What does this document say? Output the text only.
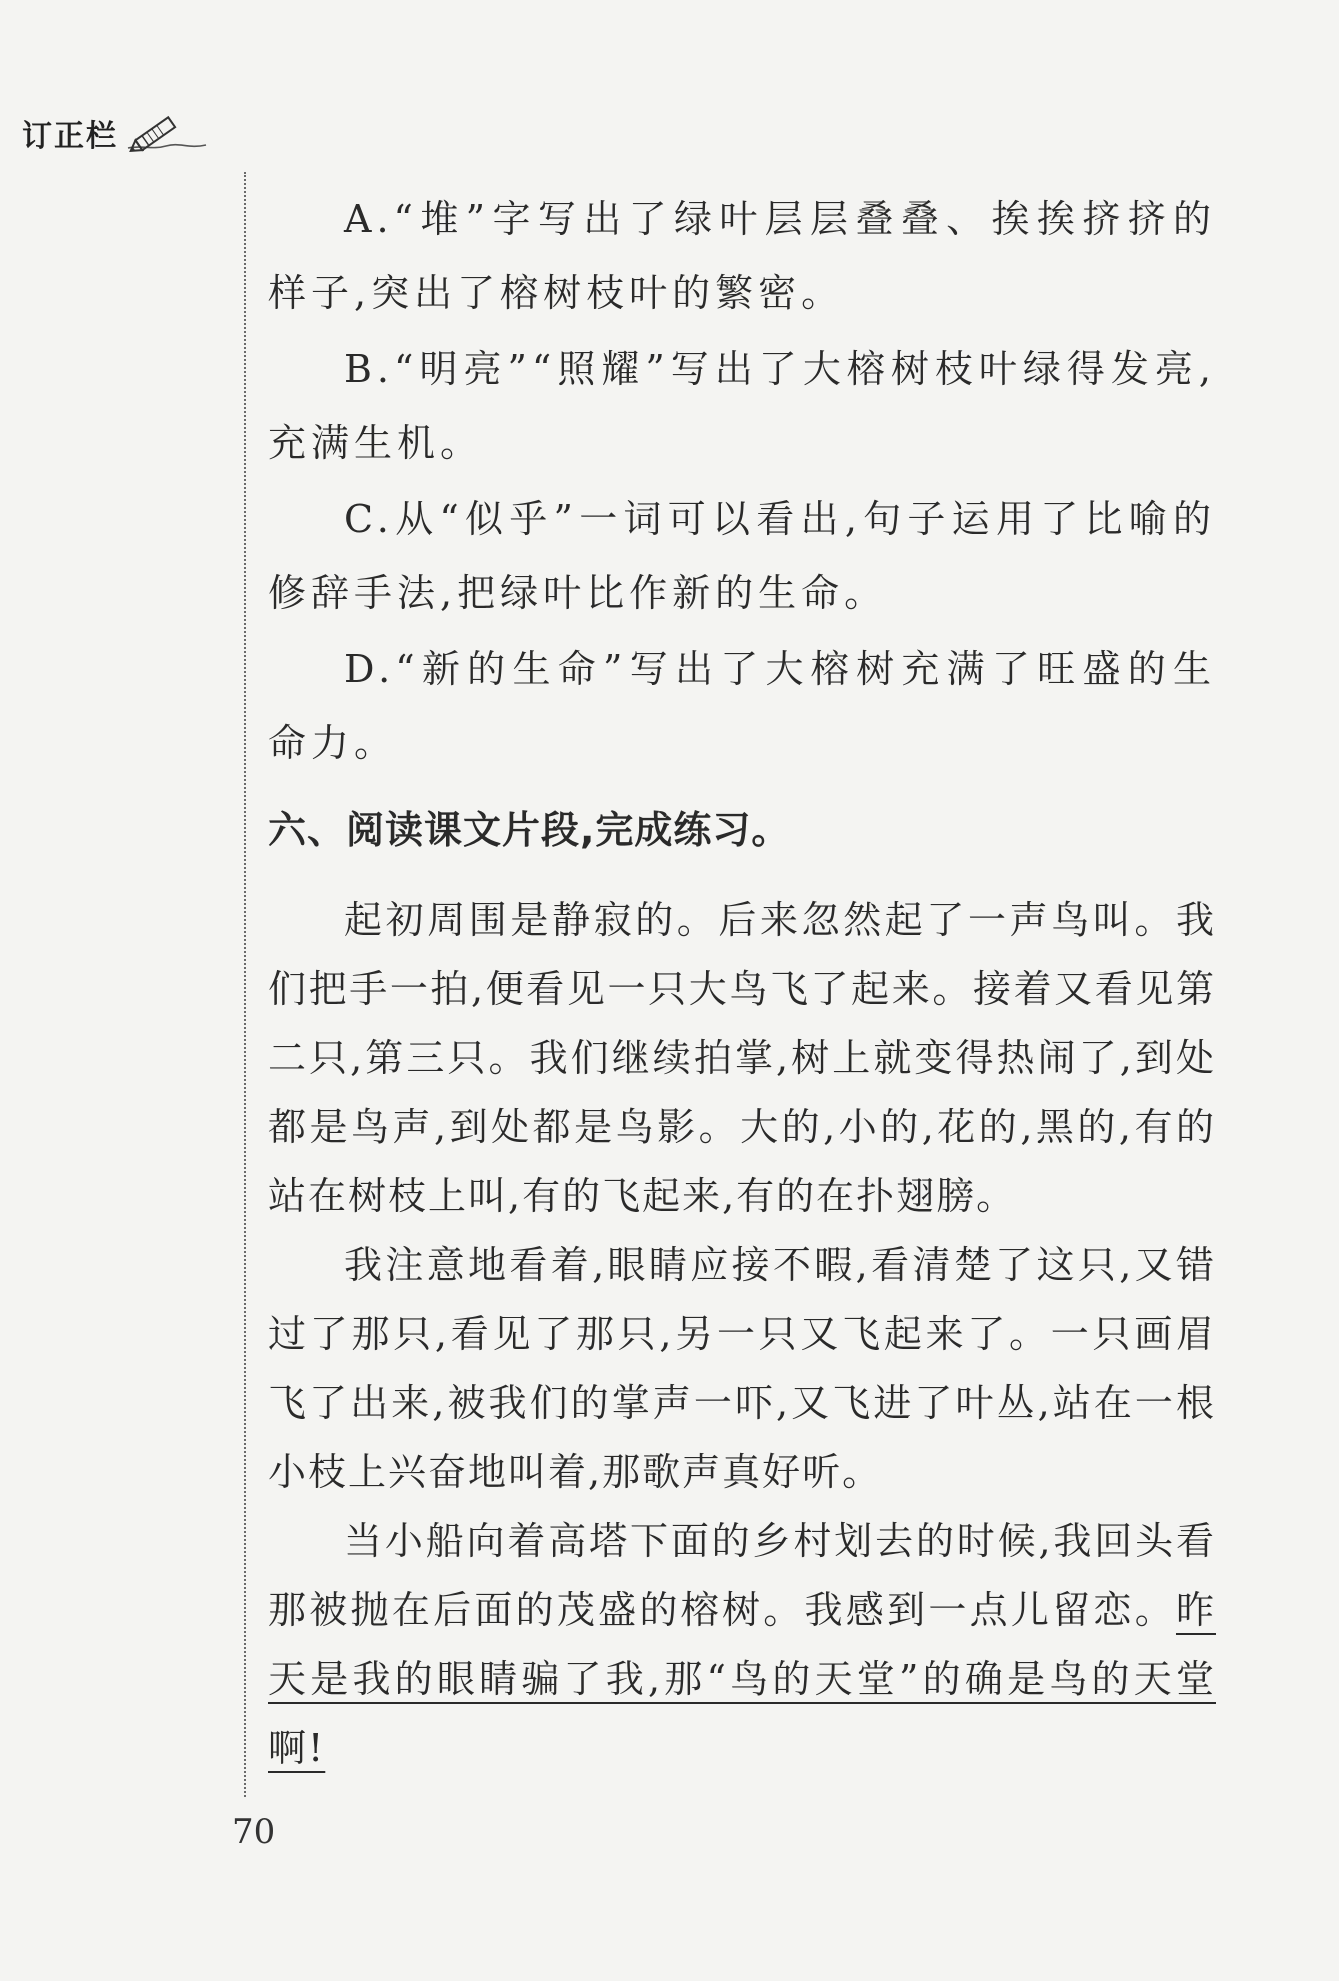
订正栏

A.“堆”字写出了绿叶层层叠叠、挨挨挤挤的样子,突出了榕树枝叶的繁密。

B.“明亮”“照耀”写出了大榕树枝叶绿得发亮,充满生机。

C.从“似乎”一词可以看出,句子运用了比喻的修辞手法,把绿叶比作新的生命。

D.“新的生命”写出了大榕树充满了旺盛的生命力。

六、阅读课文片段,完成练习。

起初周围是静寂的。后来忽然起了一声鸟叫。我们把手一拍,便看见一只大鸟飞了起来。接着又看见第二只,第三只。我们继续拍掌,树上就变得热闹了,到处都是鸟声,到处都是鸟影。大的,小的,花的,黑的,有的站在树枝上叫,有的飞起来,有的在扑翅膀。

我注意地看着,眼睛应接不暇,看清楚了这只,又错过了那只,看见了那只,另一只又飞起来了。一只画眉飞了出来,被我们的掌声一吓,又飞进了叶丛,站在一根小枝上兴奋地叫着,那歌声真好听。

当小船向着高塔下面的乡村划去的时候,我回头看那被抛在后面的茂盛的榕树。我感到一点儿留恋。昨天是我的眼睛骗了我,那“鸟的天堂”的确是鸟的天堂啊!

70
